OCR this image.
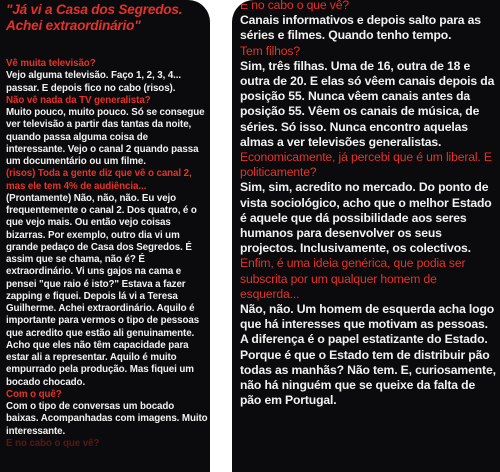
"Já vi a Casa dos Segredos. Achei extraordinário"

Vê muita televisão?

Vejo alguma televisão. Faço 1, 2, 3, 4... passar. E depois fico no cabo (risos).

Não vê nada da TV generalista?

Muito pouco, muito pouco. Só se consegue ver televisão a partir das tantas da noite, quando passa alguma coisa de interessante. Vejo o canal 2 quando passa um documentário ou um filme.

(risos) Toda a gente diz que vê o canal 2, mas ele tem 4% de audiência...

(Prontamente) Não, não, não. Eu vejo frequentemente o canal 2. Dos quatro, é o que vejo mais. Ou então vejo coisas bizarras. Por exemplo, outro dia vi um grande pedaço de Casa dos Segredos. É assim que se chama, não é? É extraordinário. Vi uns gajos na cama e pensei "que raio é isto?" Estava a fazer zapping e fiquei. Depois lá vi a Teresa Guilherme. Achei extraordinário. Aquilo é importante para vermos o tipo de pessoas que acredito que estão ali genuinamente. Acho que eles não têm capacidade para estar ali a representar. Aquilo é muito empurrado pela produção. Mas fiquei um bocado chocado.

Com o quê?

Com o tipo de conversas um bocado baixas. Acompanhadas com imagens. Muito interessante.

E no cabo o que vê?

E no cabo o que vê?

Canais informativos e depois salto para as séries e filmes. Quando tenho tempo.

Tem filhos?

Sim, três filhas. Uma de 16, outra de 18 e outra de 20. E elas só vêem canais depois da posição 55. Nunca vêem canais antes da posição 55. Vêem os canais de música, de séries. Só isso. Nunca encontro aquelas almas a ver televisões generalistas.

Economicamente, já percebi que é um liberal. E politicamente?

Sim, sim, acredito no mercado. Do ponto de vista sociológico, acho que o melhor Estado é aquele que dá possibilidade aos seres humanos para desenvolver os seus projectos. Inclusivamente, os colectivos.

Enfim, é uma ideia genérica, que podia ser subscrita por um qualquer homem de esquerda...

Não, não. Um homem de esquerda acha logo que há interesses que motivam as pessoas. A diferença é o papel estatizante do Estado. Porque é que o Estado tem de distribuir pão todas as manhãs? Não tem. E, curiosamente, não há ninguém que se queixe da falta de pão em Portugal.
